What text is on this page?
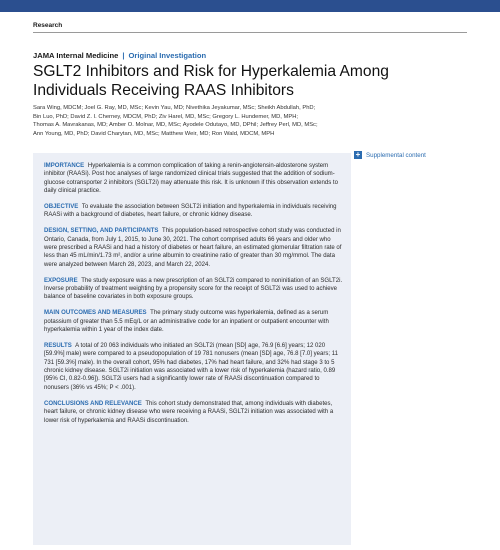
Research
JAMA Internal Medicine | Original Investigation
SGLT2 Inhibitors and Risk for Hyperkalemia Among Individuals Receiving RAAS Inhibitors
Sara Wing, MDCM; Joel G. Ray, MD, MSc; Kevin Yau, MD; Nivethika Jeyakumar, MSc; Sheikh Abdullah, PhD;
Bin Luo, PhD; David Z. I. Cherney, MDCM, PhD; Ziv Harel, MD, MSc; Gregory L. Hundemer, MD, MPH;
Thomas A. Mavrakanas, MD; Amber O. Molnar, MD, MSc; Ayodele Odutayo, MD, DPhil; Jeffrey Perl, MD, MSc;
Ann Young, MD, PhD; David Charytan, MD, MSc; Matthew Weir, MD; Ron Wald, MDCM, MPH
+ Supplemental content

IMPORTANCE Hyperkalemia is a common complication of taking a renin-angiotensin-aldosterone system inhibitor (RAASi). Post hoc analyses of large randomized clinical trials suggested that the addition of sodium-glucose cotransporter 2 inhibitors (SGLT2i) may attenuate this risk. It is unknown if this observation extends to daily clinical practice.

OBJECTIVE To evaluate the association between SGLT2i initiation and hyperkalemia in individuals receiving RAASi with a background of diabetes, heart failure, or chronic kidney disease.

DESIGN, SETTING, AND PARTICIPANTS This population-based retrospective cohort study was conducted in Ontario, Canada, from July 1, 2015, to June 30, 2021. The cohort comprised adults 66 years and older who were prescribed a RAASi and had a history of diabetes or heart failure, an estimated glomerular filtration rate of less than 45 mL/min/1.73 m², and/or a urine albumin to creatinine ratio of greater than 30 mg/mmol. The data were analyzed between March 28, 2023, and March 22, 2024.

EXPOSURE The study exposure was a new prescription of an SGLT2i compared to noninitiation of an SGLT2i. Inverse probability of treatment weighting by a propensity score for the receipt of SGLT2i was used to achieve balance of baseline covariates in both exposure groups.

MAIN OUTCOMES AND MEASURES The primary study outcome was hyperkalemia, defined as a serum potassium of greater than 5.5 mEq/L or an administrative code for an inpatient or outpatient encounter with hyperkalemia within 1 year of the index date.

RESULTS A total of 20 063 individuals who initiated an SGLT2i (mean [SD] age, 76.9 [6.6] years; 12 020 [59.9%] male) were compared to a pseudopopulation of 19 781 nonusers (mean [SD] age, 76.8 [7.0] years; 11 731 [59.3%] male). In the overall cohort, 95% had diabetes, 17% had heart failure, and 32% had stage 3 to 5 chronic kidney disease. SGLT2i initiation was associated with a lower risk of hyperkalemia (hazard ratio, 0.89 [95% CI, 0.82-0.96]). SGLT2i users had a significantly lower rate of RAASi discontinuation compared to nonusers (36% vs 45%; P < .001).

CONCLUSIONS AND RELEVANCE This cohort study demonstrated that, among individuals with diabetes, heart failure, or chronic kidney disease who were receiving a RAASi, SGLT2i initiation was associated with a lower risk of hyperkalemia and RAASi discontinuation.
